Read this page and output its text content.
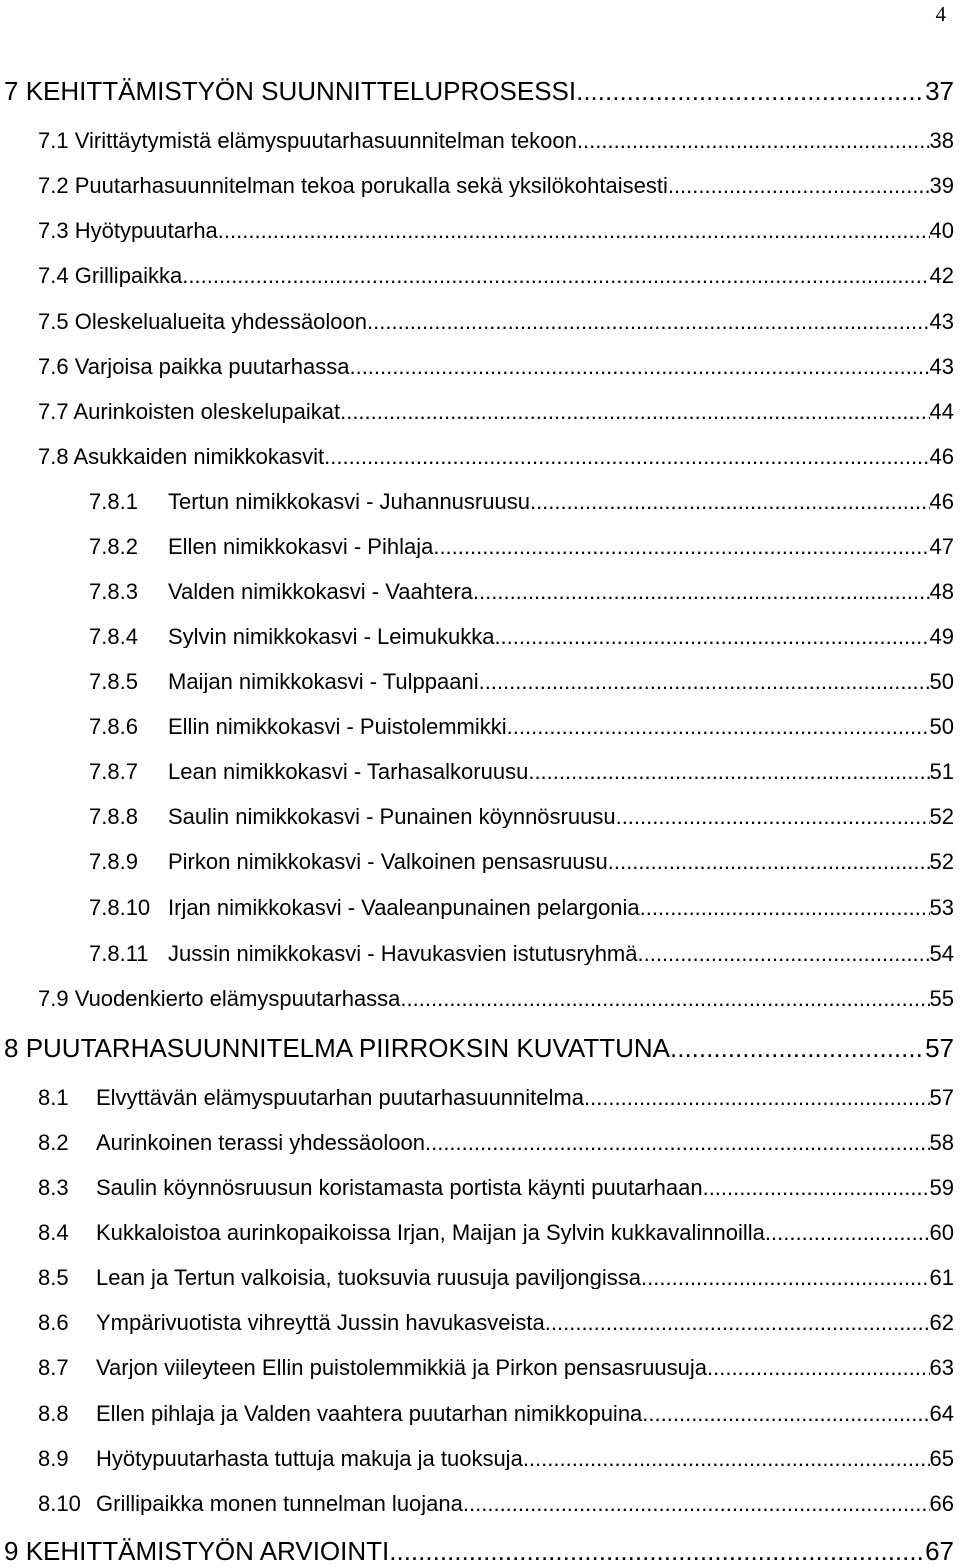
4
7 KEHITTÄMISTYÖN SUUNNITTELUPROSESSI .....	37
7.1 Virittäytymistä elämyspuutarhasuunnitelman tekoon .....	38
7.2 Puutarhasuunnitelman tekoa porukalla sekä yksilökohtaisesti .....	39
7.3 Hyötypuutarha .....	40
7.4 Grillipaikka .....	42
7.5 Oleskelualueita yhdessäoloon .....	43
7.6 Varjoisa paikka puutarhassa .....	43
7.7 Aurinkoisten oleskelupaikat .....	44
7.8 Asukkaiden nimikkokasvit .....	46
7.8.1	Tertun nimikkokasvi - Juhannusruusu .....	46
7.8.2	Ellen nimikkokasvi - Pihlaja .....	47
7.8.3	Valden nimikkokasvi - Vaahtera .....	48
7.8.4	Sylvin nimikkokasvi - Leimukukka .....	49
7.8.5	Maijan nimikkokasvi - Tulppaani .....	50
7.8.6	Ellin nimikkokasvi - Puistolemmikki .....	50
7.8.7	Lean nimikkokasvi - Tarhasalkoruusu .....	51
7.8.8	Saulin nimikkokasvi - Punainen köynnösruusu .....	52
7.8.9	Pirkon nimikkokasvi - Valkoinen pensasruusu .....	52
7.8.10 Irjan nimikkokasvi - Vaaleanpunainen pelargonia .....	53
7.8.11 Jussin nimikkokasvi - Havukasvien istutusryhmä .....	54
7.9 Vuodenkierto elämyspuutarhassa .....	55
8 PUUTARHASUUNNITELMA PIIRROKSIN KUVATTUNA .....	57
8.1	Elvyttävän elämyspuutarhan puutarhasuunnitelma .....	57
8.2	Aurinkoinen terassi yhdessäoloon .....	58
8.3	Saulin köynnösruusun koristamasta portista käynti puutarhaan .....	59
8.4	Kukkaloistoa aurinkopaikoissa Irjan, Maijan ja Sylvin kukkavalinnoilla .....	60
8.5	Lean ja Tertun valkoisia, tuoksuvia ruusuja paviljongissa .....	61
8.6	Ympärivuotista vihreyttä Jussin havukasveista .....	62
8.7	Varjon viileyteen Ellin puistolemmikkiä ja Pirkon pensasruusuja .....	63
8.8	Ellen pihlaja ja Valden vaahtera puutarhan nimikkopuina .....	64
8.9	Hyötypuutarhasta tuttuja makuja ja tuoksuja .....	65
8.10 Grillipaikka monen tunnelman luojana .....	66
9 KEHITTÄMISTYÖN ARVIOINTI .....	67
